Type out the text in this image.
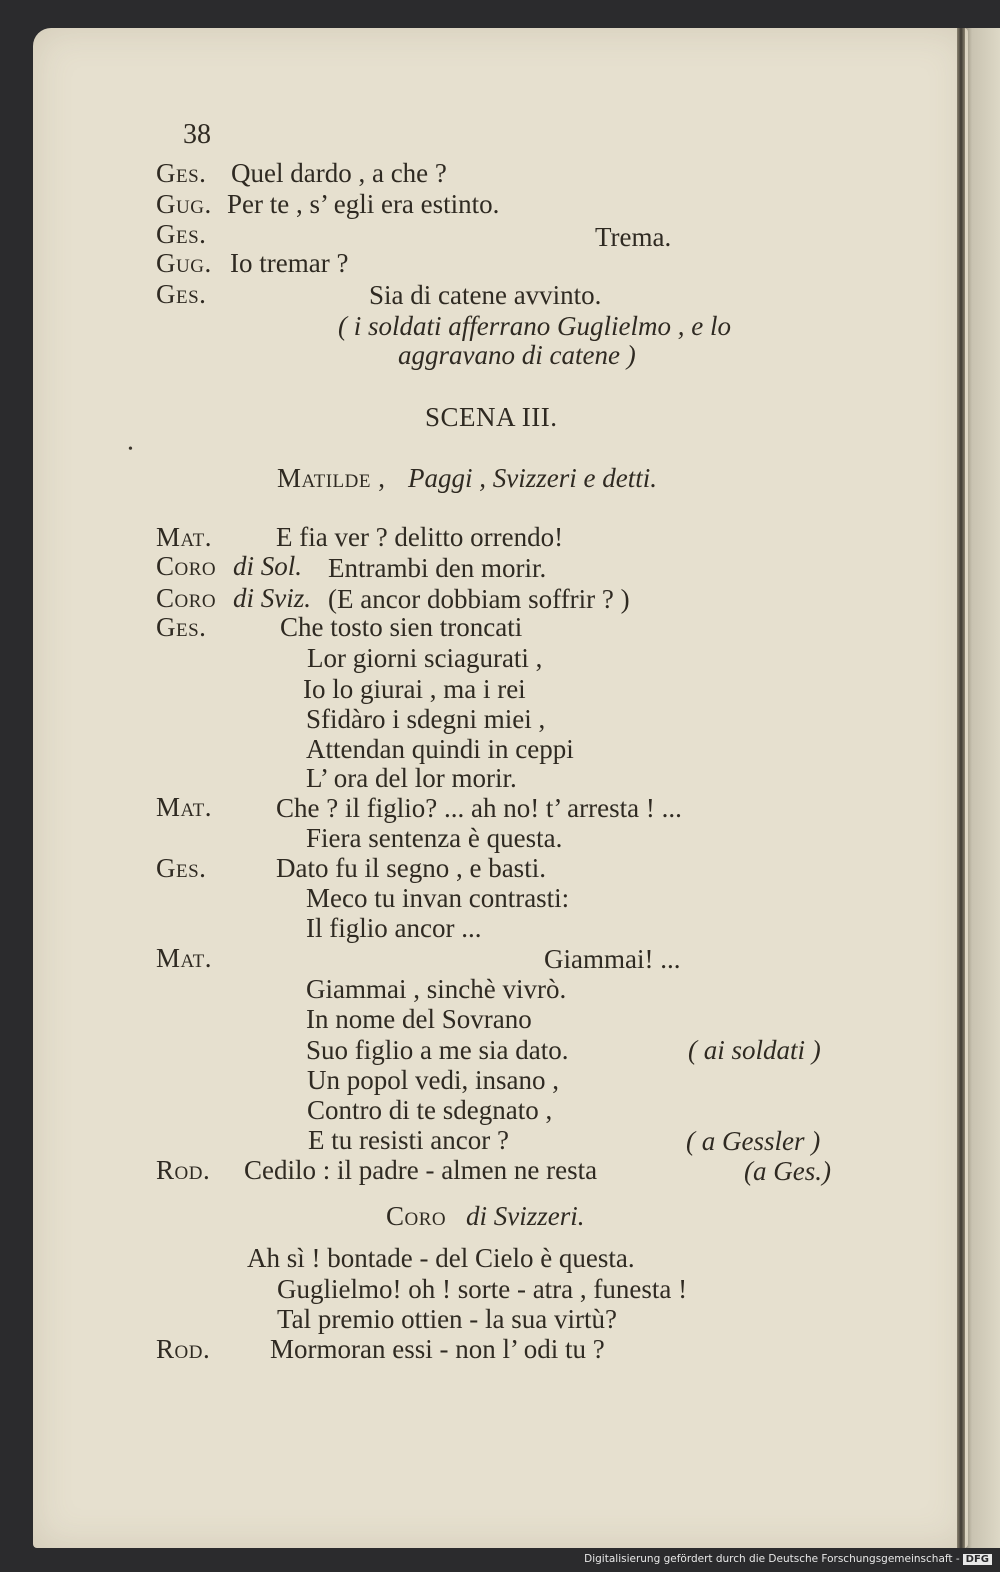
38
Ges. Quel dardo , a che ?
Gug. Per te , s’ egli era estinto.
Ges.	Trema.
Gug. Io tremar ?
Ges.	Sia di catene avvinto.
( i soldati afferrano Guglielmo , e lo
aggravano di catene )
SCENA III.
•
Matilde , Paggi , Svizzeri e detti.
Mat. E fia ver ? delitto orrendo!
Coro di Sol. Entrambi den morir.
Coro di Sviz. (E ancor dobbiam soffrir ? )
Ges.	Che tosto sien troncati
Lor giorni sciagurati ,
Io lo giurai , ma i rei
Sfidàro i sdegni miei ,
Attendan quindi in ceppi
L’ ora del lor morir.
Mat. Che ? il figlio? ... ah no! t’ arresta ! ...
Fiera sentenza è questa.
Ges.	Dato fu il segno , e basti.
Meco tu invan contrasti:
Il figlio ancor ...
Mat.	Giammai! ...
Giammai , sinchè vivrò.
In nome del Sovrano
Suo figlio a me sia dato.	( ai soldati )
Un popol vedi, insano ,
Contro di te sdegnato ,
E tu resisti ancor ?	( a Gessler )
Rod. Cedilo : il padre - almen ne resta	(a Ges.)
Coro di Svizzeri.
Ah sì ! bontade - del Cielo è questa.
Guglielmo! oh ! sorte - atra , funesta !
Tal premio ottien - la sua virtù?
Rod. Mormoran essi - non l’ odi tu ?
Digitalisierung gefördert durch die Deutsche Forschungsgemeinschaft - DFG
